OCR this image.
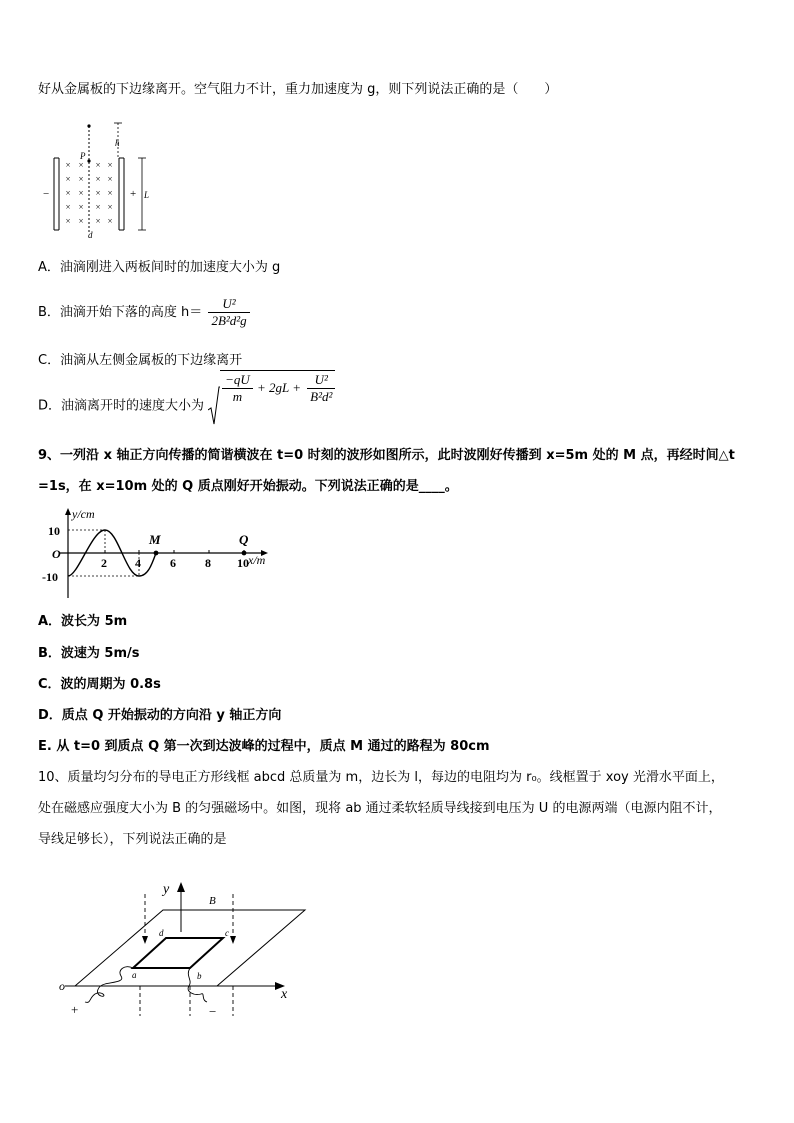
好从金属板的下边缘离开。空气阻力不计，重力加速度为 g，则下列说法正确的是（　　）
× × × ×
× × × ×
× × × ×
× × × ×
× × × ×
P
h
L
d
−	+
A．油滴刚进入两板间时的加速度大小为 g
B．油滴开始下落的高度 $h= \frac{\text{U²}}{\text{2B²d²g}}$
C．油滴从左侧金属板的下边缘离开
D．油滴离开时的速度大小为
$\frac{-qU}{m} + 2gL + \frac{\text{U²}}{\text{B²d²}}$
9、一列沿 x 轴正方向传播的简谐横波在 t=0 时刻的波形如图所示，此时波刚好传播到 x=5m 处的 M 点，再经时间△t
=1s，在 x=10m 处的 Q 质点刚好开始振动。下列说法正确的是____。
y/cm
x/m
O
10
-10
2 4 6 8 10
M	Q
A．波长为 5m
B．波速为 5m/s
C．波的周期为 0.8s
D．质点 Q 开始振动的方向沿 y 轴正方向
E. 从 t=0 到质点 Q 第一次到达波峰的过程中，质点 M 通过的路程为 80cm
10、质量均匀分布的导电正方形线框 abcd 总质量为 m，边长为 l，每边的电阻均为 r₀。线框置于 xoy 光滑水平面上，
处在磁感应强度大小为 B 的匀强磁场中。如图，现将 ab 通过柔软轻质导线接到电压为 U 的电源两端（电源内阻不计，
导线足够长），下列说法正确的是
y
x
o
B
a	b
c
d
+	−
